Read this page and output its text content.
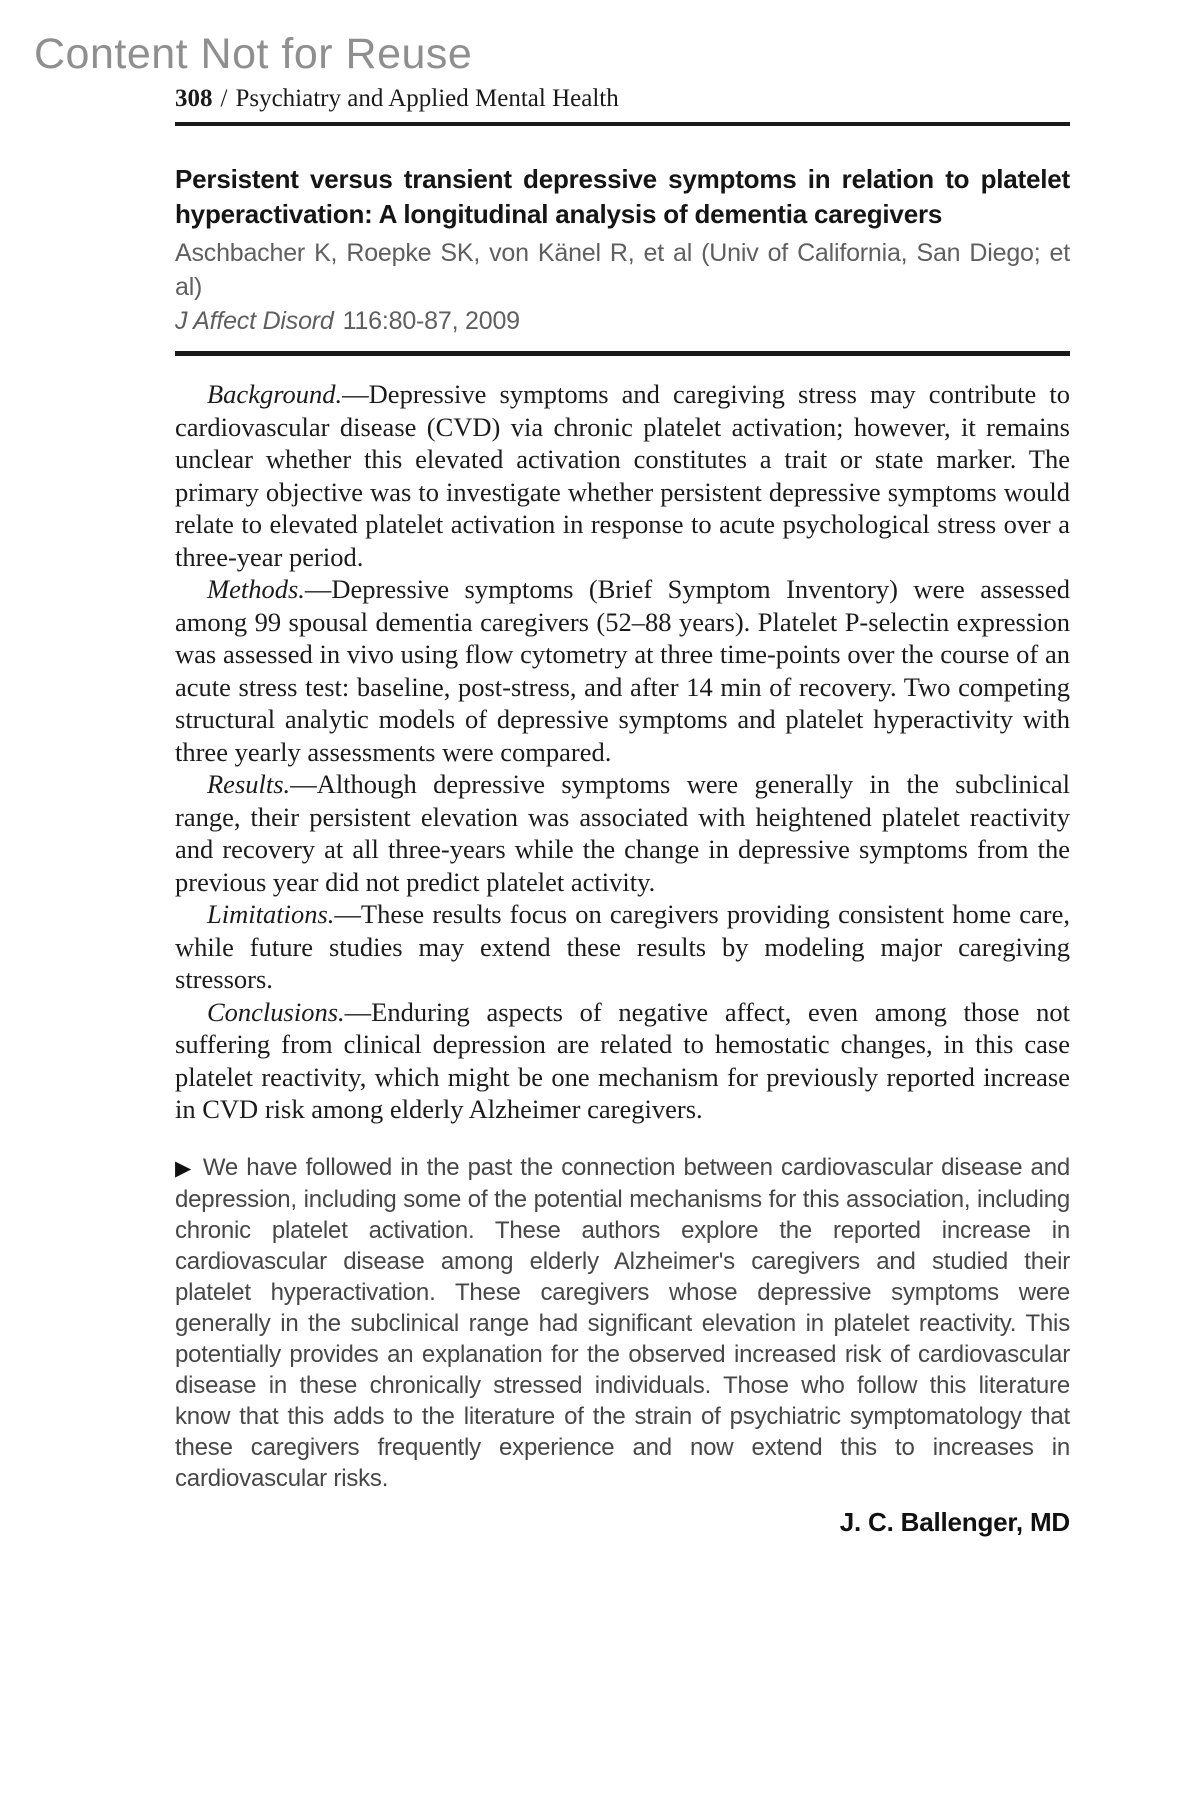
Content Not for Reuse
308 / Psychiatry and Applied Mental Health
Persistent versus transient depressive symptoms in relation to platelet hyperactivation: A longitudinal analysis of dementia caregivers
Aschbacher K, Roepke SK, von Känel R, et al (Univ of California, San Diego; et al)
J Affect Disord 116:80-87, 2009

Background.—Depressive symptoms and caregiving stress may contribute to cardiovascular disease (CVD) via chronic platelet activation; however, it remains unclear whether this elevated activation constitutes a trait or state marker. The primary objective was to investigate whether persistent depressive symptoms would relate to elevated platelet activation in response to acute psychological stress over a three-year period.

Methods.—Depressive symptoms (Brief Symptom Inventory) were assessed among 99 spousal dementia caregivers (52–88 years). Platelet P-selectin expression was assessed in vivo using flow cytometry at three time-points over the course of an acute stress test: baseline, post-stress, and after 14 min of recovery. Two competing structural analytic models of depressive symptoms and platelet hyperactivity with three yearly assessments were compared.

Results.—Although depressive symptoms were generally in the subclinical range, their persistent elevation was associated with heightened platelet reactivity and recovery at all three-years while the change in depressive symptoms from the previous year did not predict platelet activity.

Limitations.—These results focus on caregivers providing consistent home care, while future studies may extend these results by modeling major caregiving stressors.

Conclusions.—Enduring aspects of negative affect, even among those not suffering from clinical depression are related to hemostatic changes, in this case platelet reactivity, which might be one mechanism for previously reported increase in CVD risk among elderly Alzheimer caregivers.

▶ We have followed in the past the connection between cardiovascular disease and depression, including some of the potential mechanisms for this association, including chronic platelet activation. These authors explore the reported increase in cardiovascular disease among elderly Alzheimer's caregivers and studied their platelet hyperactivation. These caregivers whose depressive symptoms were generally in the subclinical range had significant elevation in platelet reactivity. This potentially provides an explanation for the observed increased risk of cardiovascular disease in these chronically stressed individuals. Those who follow this literature know that this adds to the literature of the strain of psychiatric symptomatology that these caregivers frequently experience and now extend this to increases in cardiovascular risks.
J. C. Ballenger, MD
